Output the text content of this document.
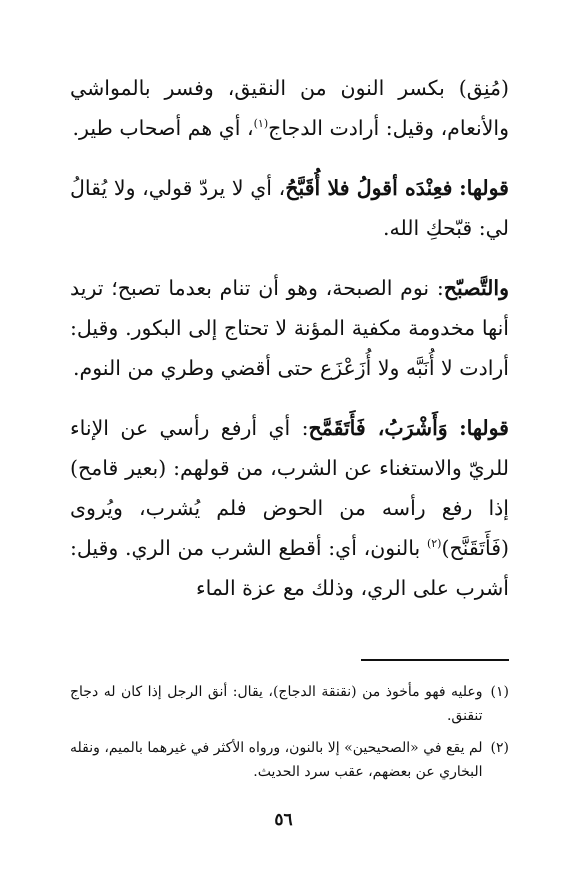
(مُنِق) بكسر النون من النقيق، وفسر بالمواشي والأنعام، وقيل: أرادت الدجاج$^{(١)}$، أي هم أصحاب طير.

قولها: فعِنْدَه أقولُ فلا أُقَبَّحُ، أي لا يردّ قولي، ولا يُقالُ لي: قبّحكِ الله.

والتَّصبّح: نوم الصبحة، وهو أن تنام بعدما تصبح؛ تريد أنها مخدومة مكفية المؤنة لا تحتاج إلى البكور. وقيل: أرادت لا أُنَبَّه ولا أُزَعْزَع حتى أقضي وطري من النوم.

قولها: وَأَشْرَبُ، فَأَتَقَمَّح: أي أرفع رأسي عن الإناء للريّ والاستغناء عن الشرب، من قولهم: (بعير قامح) إذا رفع رأسه من الحوض فلم يُشرب، ويُروى (فَأَتَقَنَّح)$^{(٢)}$ بالنون، أي: أقطع الشرب من الري. وقيل: أشرب على الري، وذلك مع عزة الماء

(١)
وعليه فهو مأخوذ من (نقنقة الدجاج)، يقال: أنق الرجل إذا كان له دجاج تنقنق.
(٢)
لم يقع في «الصحيحين» إلا بالنون، ورواه الأكثر في غيرهما بالميم، ونقله البخاري عن بعضهم، عقب سرد الحديث.
٥٦
